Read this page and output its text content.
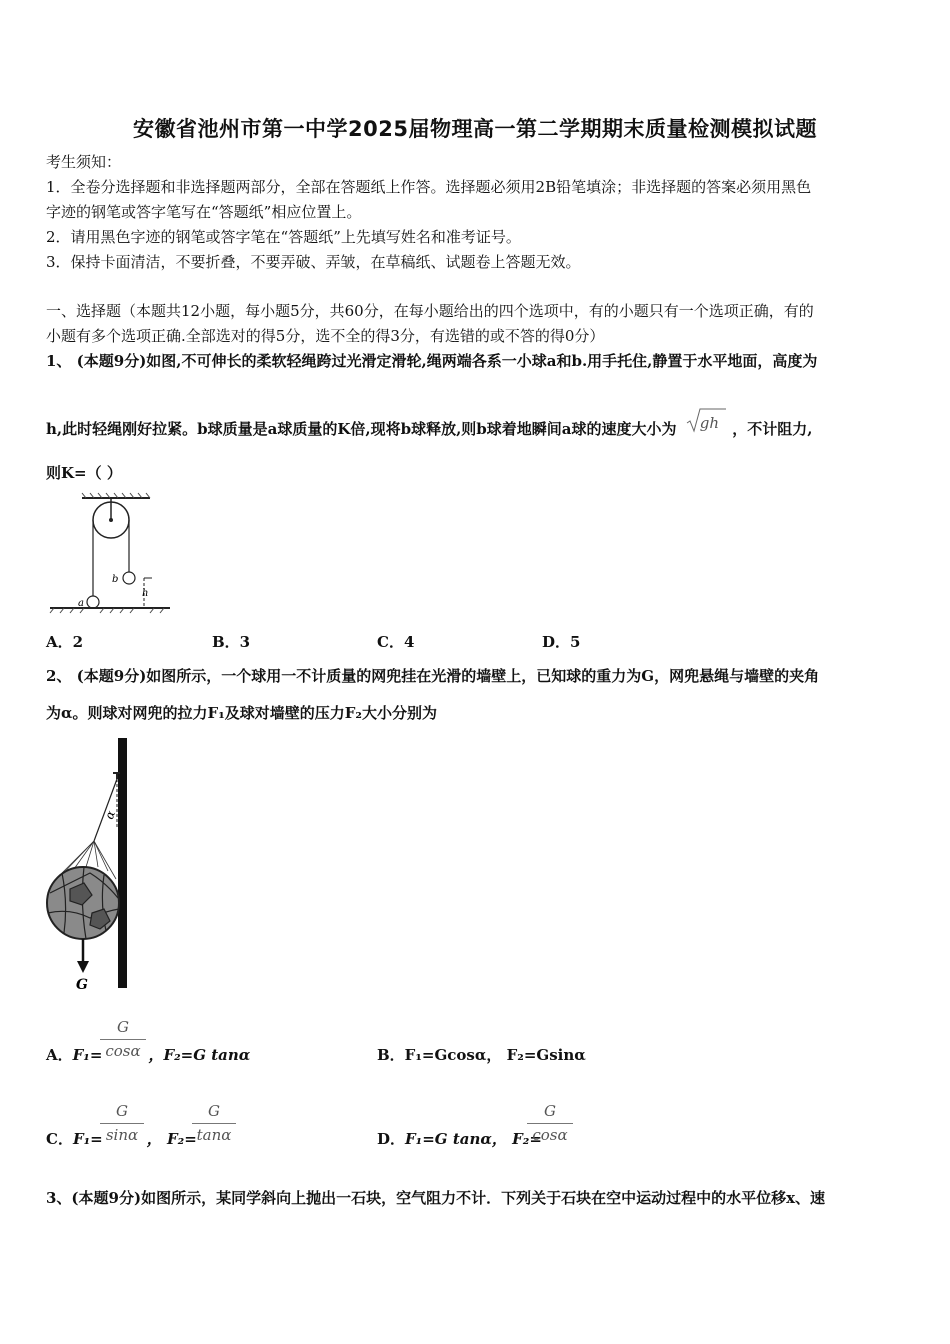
安徽省池州市第一中学2025届物理高一第二学期期末质量检测模拟试题
考生须知：
1．全卷分选择题和非选择题两部分，全部在答题纸上作答。选择题必须用2B铅笔填涂；非选择题的答案必须用黑色
字迹的钢笔或答字笔写在“答题纸”相应位置上。
2．请用黑色字迹的钢笔或答字笔在“答题纸”上先填写姓名和准考证号。
3．保持卡面清洁，不要折叠，不要弄破、弄皱，在草稿纸、试题卷上答题无效。
一、选择题（本题共12小题，每小题5分，共60分，在每小题给出的四个选项中，有的小题只有一个选项正确，有的
小题有多个选项正确.全部选对的得5分，选不全的得3分，有选错的或不答的得0分）
1、 (本题9分)如图,不可伸长的柔软轻绳跨过光滑定滑轮,绳两端各系一小球a和b.用手托住,静置于水平地面，高度为
h,此时轻绳刚好拉紧。b球质量是a球质量的K倍,现将b球释放,则b球着地瞬间a球的速度大小为 gh ，不计阻力,
则K=（ ）
b
a
h
A．2	B．3	C．4	D．5
2、 (本题9分)如图所示，一个球用一不计质量的网兜挂在光滑的墙壁上，已知球的重力为G，网兜悬绳与墙壁的夹角
为α。则球对网兜的拉力F₁及球对墙壁的压力F₂大小分别为
α
G
A．F₁=	，F₂=G tanα
$\frac{G}{\cos\alpha}$	B．F₁=Gcosα， F₂=Gsinα
C．F₁=	， F₂=
$\frac{G}{\sin\alpha}$	$\frac{G}{\tan\alpha}$	D．F₁=G tanα， F₂=
$\frac{G}{\cos\alpha}$
3、(本题9分)如图所示，某同学斜向上抛出一石块，空气阻力不计．下列关于石块在空中运动过程中的水平位移x、速
